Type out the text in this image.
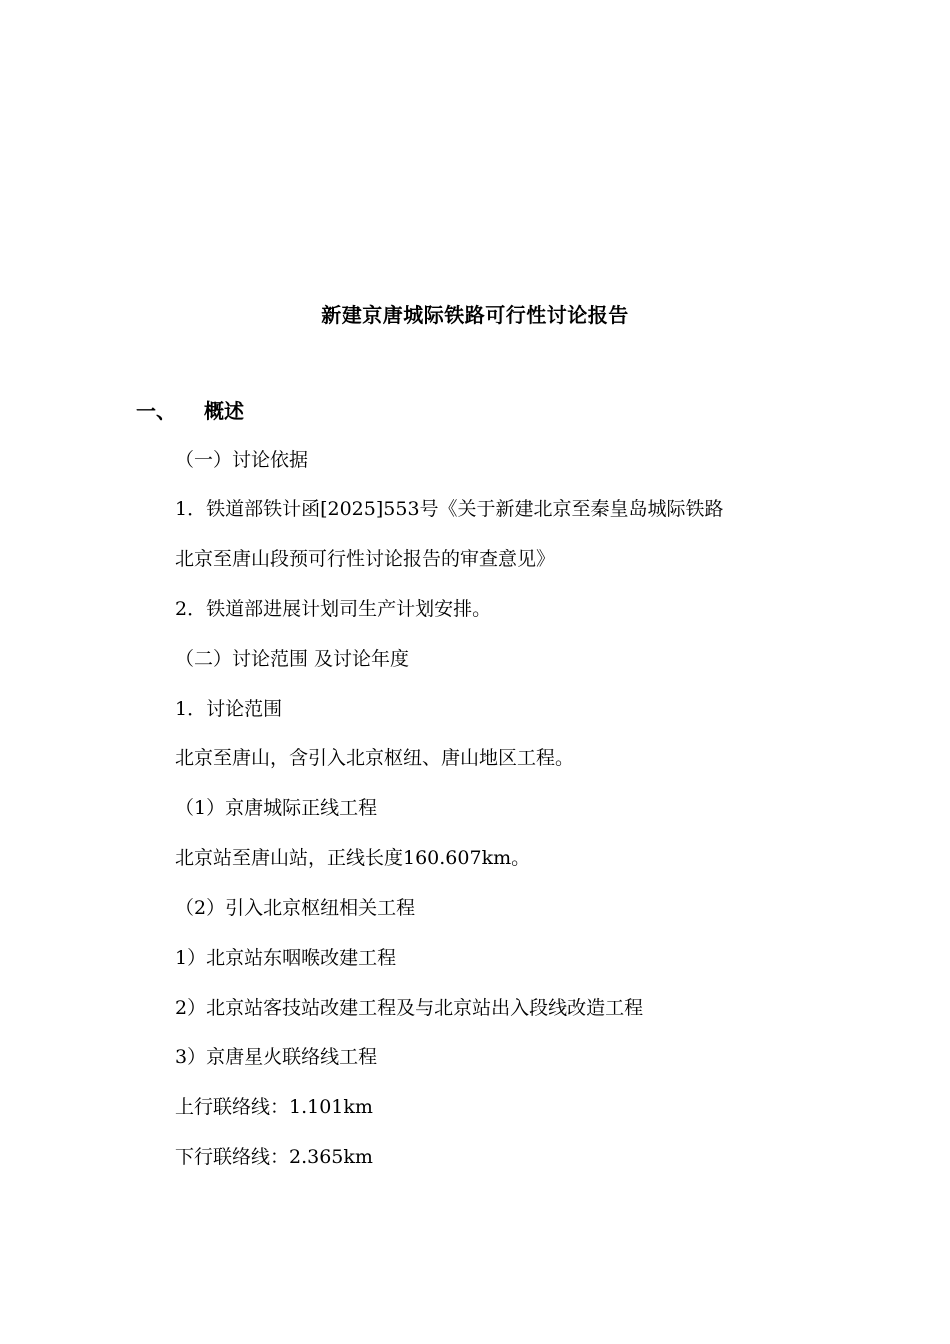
新建京唐城际铁路可行性讨论报告
一、 概述
（一）讨论依据
1．铁道部铁计函[2025]553号《关于新建北京至秦皇岛城际铁路
北京至唐山段预可行性讨论报告的审查意见》
2．铁道部进展计划司生产计划安排。
（二）讨论范围 及讨论年度
1．讨论范围
北京至唐山，含引入北京枢纽、唐山地区工程。
（1）京唐城际正线工程
北京站至唐山站，正线长度160.607km。
（2）引入北京枢纽相关工程
1）北京站东咽喉改建工程
2）北京站客技站改建工程及与北京站出入段线改造工程
3）京唐星火联络线工程
上行联络线：1.101km
下行联络线：2.365km
